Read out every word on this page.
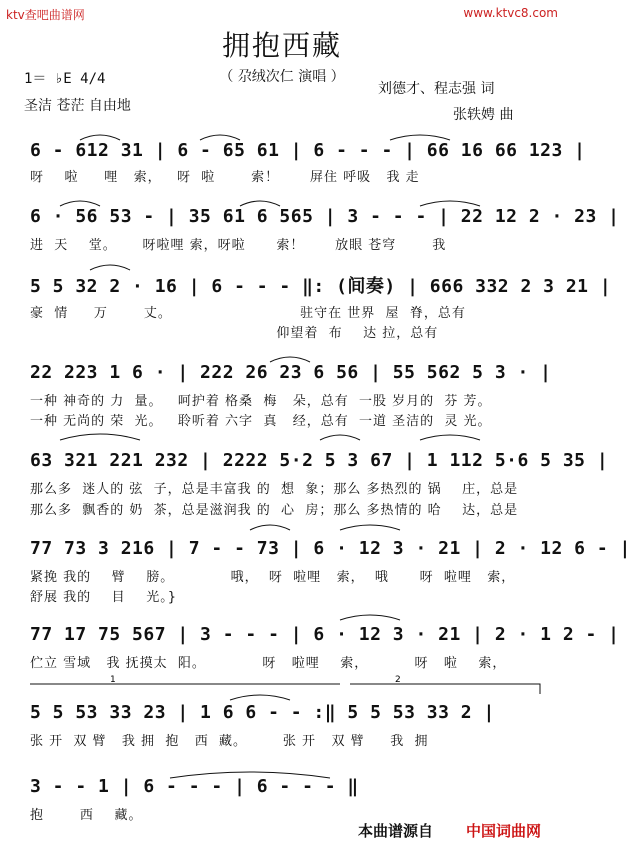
ktv查吧曲谱网	www.ktvc8.com
拥抱西藏
（ 尕绒次仁 演唱 ）
1＝ ♭E 4/4
圣洁 苍茫 自由地
刘德才、程志强 词
张轶娉 曲
1	2
6 - 612 31 | 6 - 65 61 | 6 - - - | 66 16 66 123 |
呀    啦     哩   索，   呀  啦       索！      屏住 呼吸   我 走
6 · 56 53 - | 35 61 6 565 | 3 - - - | 22 12 2 · 23 |
进  天    堂。     呀啦哩 索，呀啦      索！      放眼 苍穹       我
5 5 32 2 · 16 | 6 - - - ‖: (间奏) | 666 332 2 3 21 |
豪  情     万       丈。                         驻守在 世界  屋  脊，总有
仰望着  布    达 拉，总有
22 223 1 6 · | 222 26 23 6 56 | 55 562 5 3 · |
一种 神奇的 力  量。   呵护着 格桑  梅   朵，总有  一股 岁月的  芬 芳。
一种 无尚的 荣  光。   聆听着 六字  真   经，总有  一道 圣洁的  灵 光。
63 321 221 232 | 2222 5·2 5 3 67 | 1 112 5·6 5 35 |
那么多  迷人的 弦  子，总是丰富我 的  想  象；那么 多热烈的 锅    庄，总是
那么多  飘香的 奶  茶，总是滋润我 的  心  房；那么 多热情的 哈    达，总是
77 73 3 216 | 7 - - 73 | 6 · 12 3 · 21 | 2 · 12 6 - |
紧挽 我的    臂    膀。           哦，  呀  啦哩   索，  哦      呀  啦哩   索，
舒展 我的    目    光。}
77 17 75 567 | 3 - - - | 6 · 12 3 · 21 | 2 · 1 2 - |
伫立 雪域   我 抚摸太  阳。           呀   啦哩    索，         呀   啦    索，
5 5 53 33 23 | 1 6 6 - - :‖ 5 5 53 33 2 |
张 开  双 臂   我 拥  抱   西  藏。       张 开   双 臂     我  拥
3 - - 1 | 6 - - - | 6 - - - ‖
抱       西    藏。
本曲谱源自 中国词曲网
